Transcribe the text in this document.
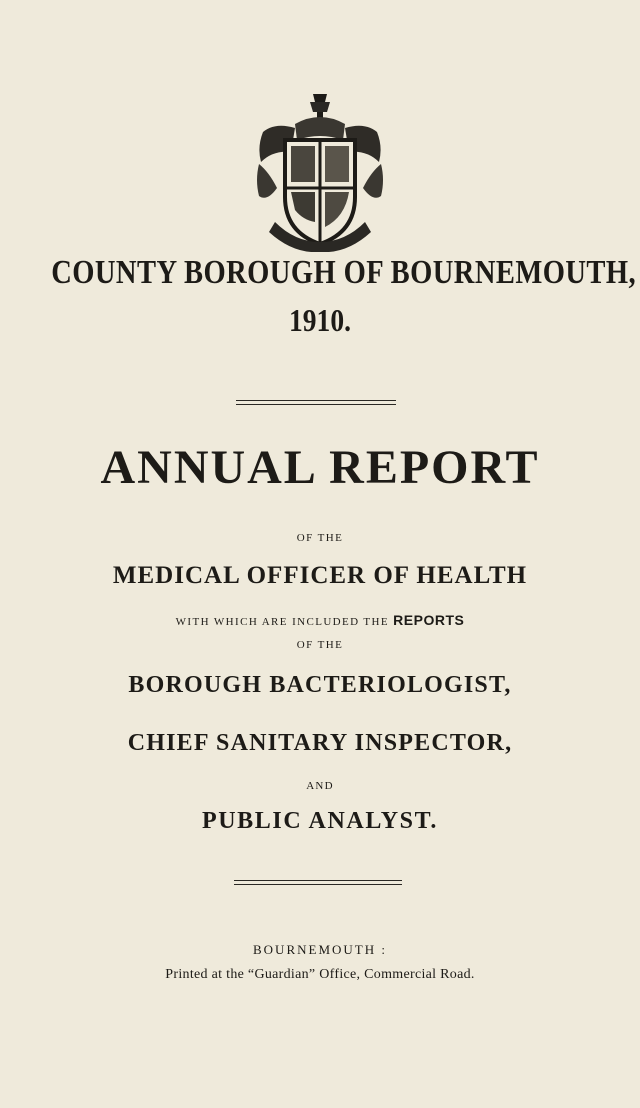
COUNTY BOROUGH OF BOURNEMOUTH,
1910.
ANNUAL REPORT
OF THE
MEDICAL OFFICER OF HEALTH
WITH WHICH ARE INCLUDED THE REPORTS
OF THE
BOROUGH BACTERIOLOGIST,
CHIEF SANITARY INSPECTOR,
AND
PUBLIC ANALYST.
BOURNEMOUTH :
Printed at the “Guardian” Office, Commercial Road.
